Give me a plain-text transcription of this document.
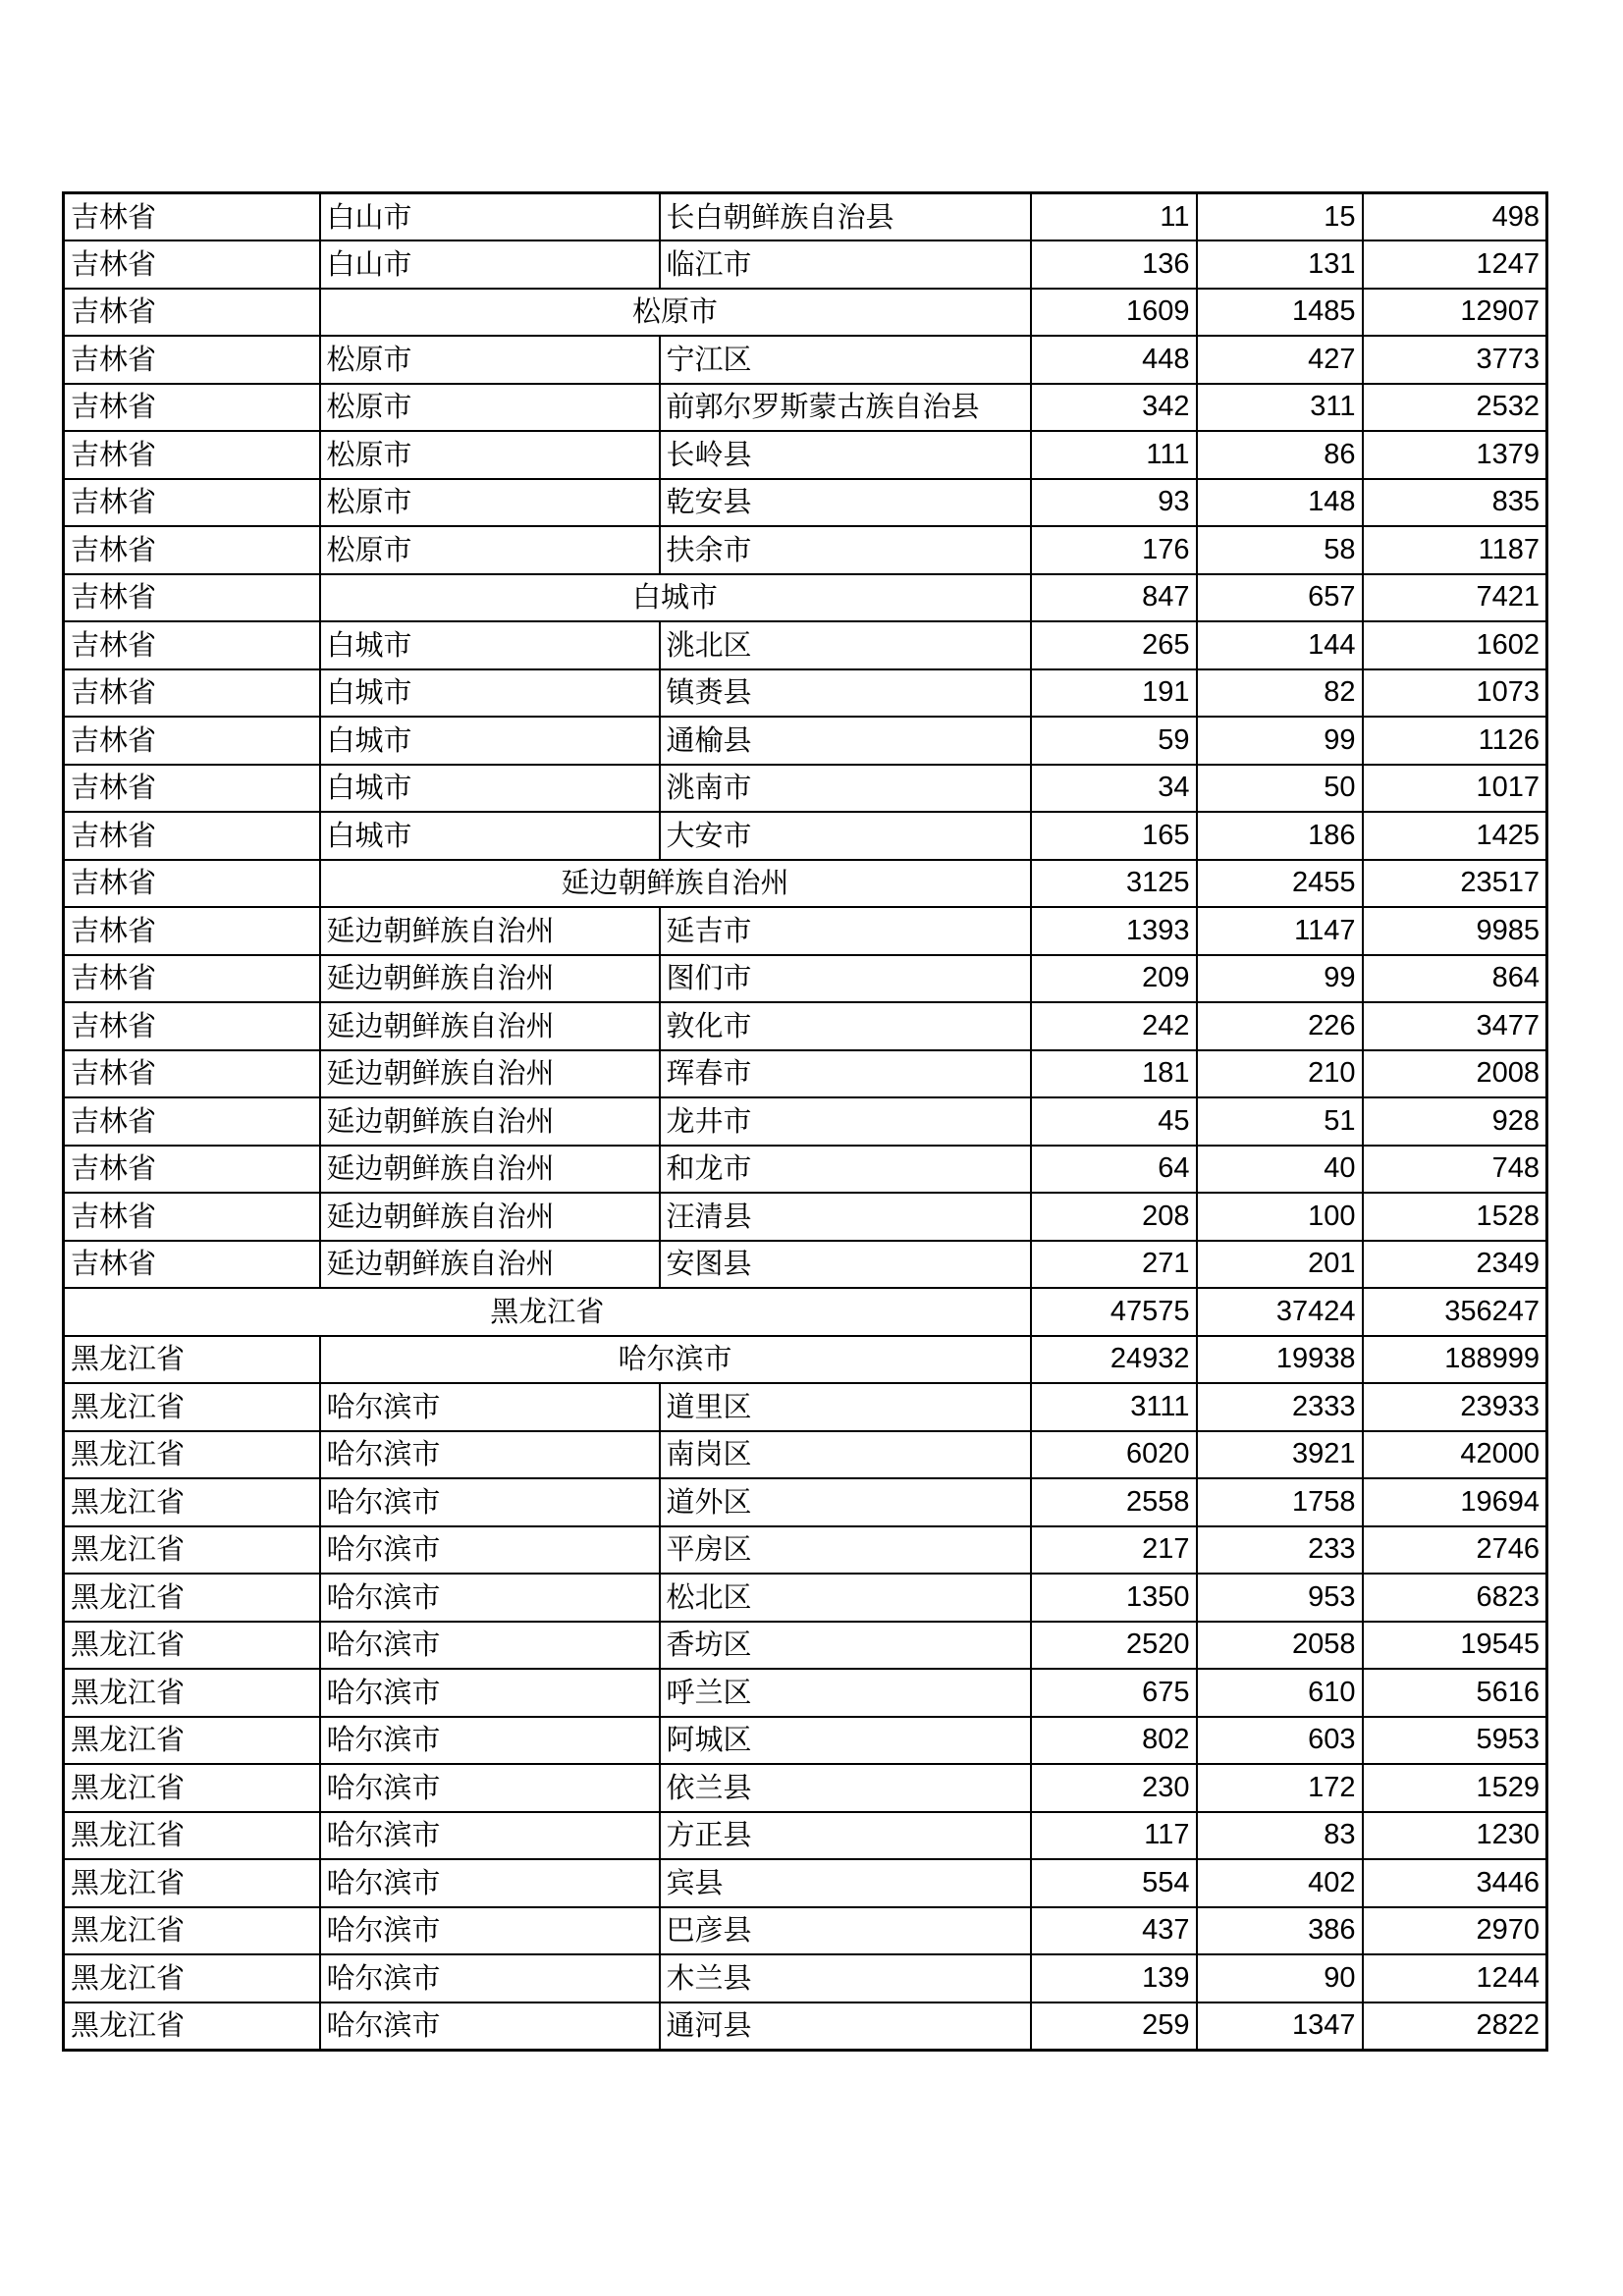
吉林省	白山市	长白朝鲜族自治县	11	15	498
吉林省	白山市	临江市	136	131	1247
吉林省	松原市		1609	1485	12907
吉林省	松原市	宁江区	448	427	3773
吉林省	松原市	前郭尔罗斯蒙古族自治县	342	311	2532
吉林省	松原市	长岭县	111	86	1379
吉林省	松原市	乾安县	93	148	835
吉林省	松原市	扶余市	176	58	1187
吉林省	白城市		847	657	7421
吉林省	白城市	洮北区	265	144	1602
吉林省	白城市	镇赉县	191	82	1073
吉林省	白城市	通榆县	59	99	1126
吉林省	白城市	洮南市	34	50	1017
吉林省	白城市	大安市	165	186	1425
吉林省	延边朝鲜族自治州		3125	2455	23517
吉林省	延边朝鲜族自治州	延吉市	1393	1147	9985
吉林省	延边朝鲜族自治州	图们市	209	99	864
吉林省	延边朝鲜族自治州	敦化市	242	226	3477
吉林省	延边朝鲜族自治州	珲春市	181	210	2008
吉林省	延边朝鲜族自治州	龙井市	45	51	928
吉林省	延边朝鲜族自治州	和龙市	64	40	748
吉林省	延边朝鲜族自治州	汪清县	208	100	1528
吉林省	延边朝鲜族自治州	安图县	271	201	2349
黑龙江省			47575	37424	356247
黑龙江省	哈尔滨市		24932	19938	188999
黑龙江省	哈尔滨市	道里区	3111	2333	23933
黑龙江省	哈尔滨市	南岗区	6020	3921	42000
黑龙江省	哈尔滨市	道外区	2558	1758	19694
黑龙江省	哈尔滨市	平房区	217	233	2746
黑龙江省	哈尔滨市	松北区	1350	953	6823
黑龙江省	哈尔滨市	香坊区	2520	2058	19545
黑龙江省	哈尔滨市	呼兰区	675	610	5616
黑龙江省	哈尔滨市	阿城区	802	603	5953
黑龙江省	哈尔滨市	依兰县	230	172	1529
黑龙江省	哈尔滨市	方正县	117	83	1230
黑龙江省	哈尔滨市	宾县	554	402	3446
黑龙江省	哈尔滨市	巴彦县	437	386	2970
黑龙江省	哈尔滨市	木兰县	139	90	1244
黑龙江省	哈尔滨市	通河县	259	1347	2822
